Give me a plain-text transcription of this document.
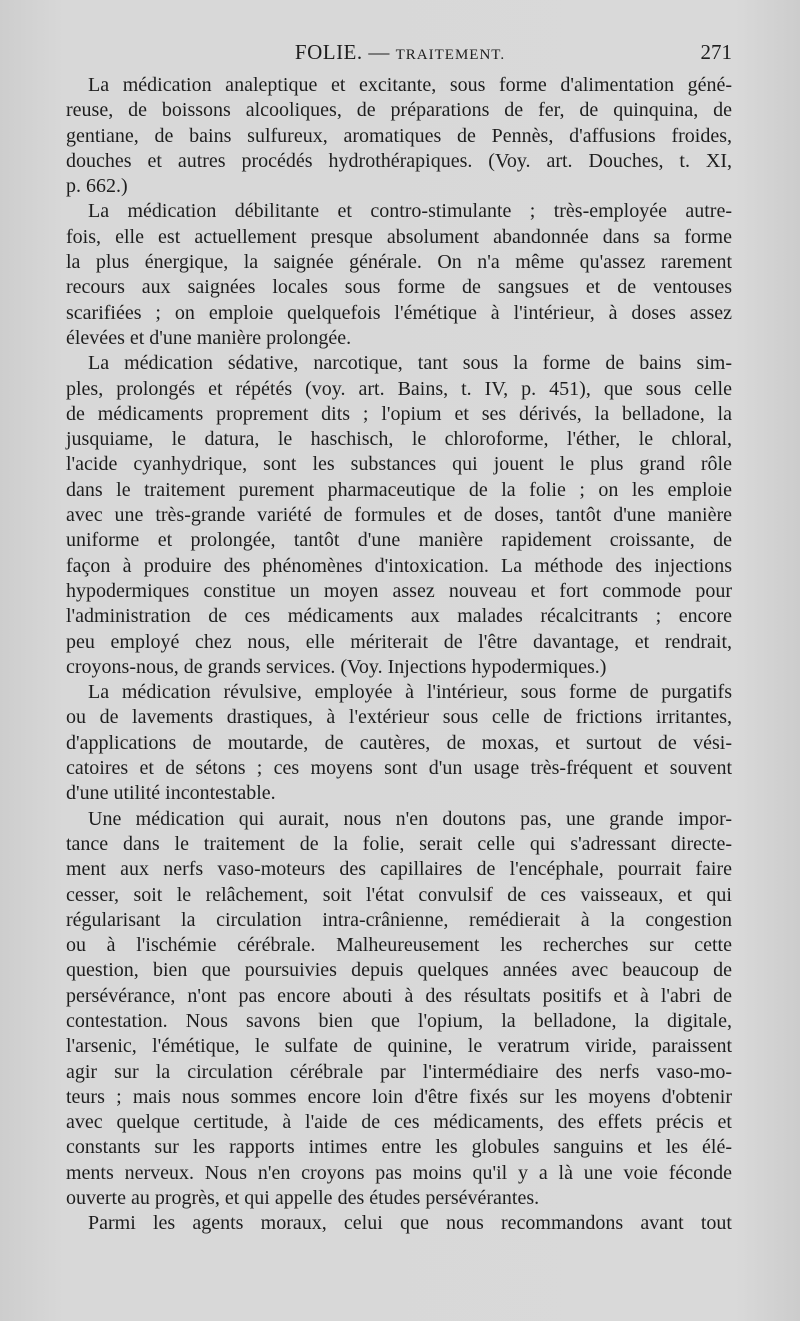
FOLIE. — TRAITEMENT.	271
La médication analeptique et excitante, sous forme d'alimentation géné-
reuse, de boissons alcooliques, de préparations de fer, de quinquina, de
gentiane, de bains sulfureux, aromatiques de Pennès, d'affusions froides,
douches et autres procédés hydrothérapiques. (Voy. art. Douches, t. XI,
p. 662.)
La médication débilitante et contro-stimulante ; très-employée autre-
fois, elle est actuellement presque absolument abandonnée dans sa forme
la plus énergique, la saignée générale. On n'a même qu'assez rarement
recours aux saignées locales sous forme de sangsues et de ventouses
scarifiées ; on emploie quelquefois l'émétique à l'intérieur, à doses assez
élevées et d'une manière prolongée.
La médication sédative, narcotique, tant sous la forme de bains sim-
ples, prolongés et répétés (voy. art. Bains, t. IV, p. 451), que sous celle
de médicaments proprement dits ; l'opium et ses dérivés, la belladone, la
jusquiame, le datura, le haschisch, le chloroforme, l'éther, le chloral,
l'acide cyanhydrique, sont les substances qui jouent le plus grand rôle
dans le traitement purement pharmaceutique de la folie ; on les emploie
avec une très-grande variété de formules et de doses, tantôt d'une manière
uniforme et prolongée, tantôt d'une manière rapidement croissante, de
façon à produire des phénomènes d'intoxication. La méthode des injections
hypodermiques constitue un moyen assez nouveau et fort commode pour
l'administration de ces médicaments aux malades récalcitrants ; encore
peu employé chez nous, elle mériterait de l'être davantage, et rendrait,
croyons-nous, de grands services. (Voy. Injections hypodermiques.)
La médication révulsive, employée à l'intérieur, sous forme de purgatifs
ou de lavements drastiques, à l'extérieur sous celle de frictions irritantes,
d'applications de moutarde, de cautères, de moxas, et surtout de vési-
catoires et de sétons ; ces moyens sont d'un usage très-fréquent et souvent
d'une utilité incontestable.
Une médication qui aurait, nous n'en doutons pas, une grande impor-
tance dans le traitement de la folie, serait celle qui s'adressant directe-
ment aux nerfs vaso-moteurs des capillaires de l'encéphale, pourrait faire
cesser, soit le relâchement, soit l'état convulsif de ces vaisseaux, et qui
régularisant la circulation intra-crânienne, remédierait à la congestion
ou à l'ischémie cérébrale. Malheureusement les recherches sur cette
question, bien que poursuivies depuis quelques années avec beaucoup de
persévérance, n'ont pas encore abouti à des résultats positifs et à l'abri de
contestation. Nous savons bien que l'opium, la belladone, la digitale,
l'arsenic, l'émétique, le sulfate de quinine, le veratrum viride, paraissent
agir sur la circulation cérébrale par l'intermédiaire des nerfs vaso-mo-
teurs ; mais nous sommes encore loin d'être fixés sur les moyens d'obtenir
avec quelque certitude, à l'aide de ces médicaments, des effets précis et
constants sur les rapports intimes entre les globules sanguins et les élé-
ments nerveux. Nous n'en croyons pas moins qu'il y a là une voie féconde
ouverte au progrès, et qui appelle des études persévérantes.
Parmi les agents moraux, celui que nous recommandons avant tout
